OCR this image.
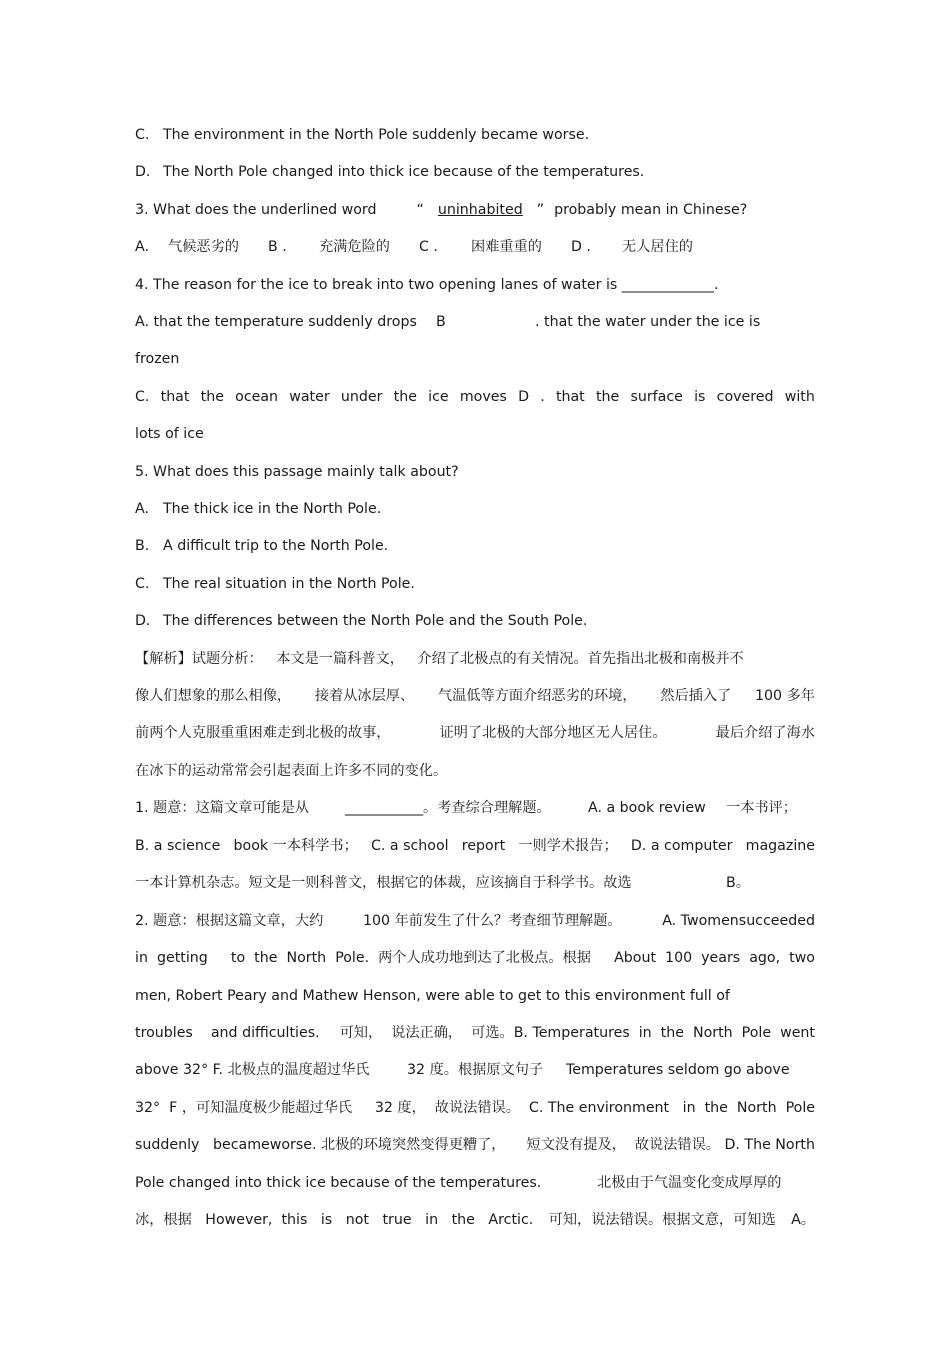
C. The environment in the North Pole suddenly became worse.
D. The North Pole changed into thick ice because of the temperatures.
3. What does the underlined word	“ uninhabited ” probably mean in Chinese?
A. 气候恶劣的 B . 充满危险的 C . 困难重重的 D . 无人居住的
4. The reason for the ice to break into two opening lanes of water is _____________.
A. that the temperature suddenly drops B	. that the water under the ice is
frozen
C. that the ocean water under the ice moves D . that the surface is covered with
lots of ice
5. What does this passage mainly talk about?
A. The thick ice in the North Pole.
B. A difficult trip to the North Pole.
C. The real situation in the North Pole.
D. The differences between the North Pole and the South Pole.
【解析】试题分析：   本文是一篇科普文，   介绍了北极点的有关情况。首先指出北极和南极并不
像人们想象的那么相像， 接着从冰层厚、 气温低等方面介绍恶劣的环境， 然后插入了 100 多年
前两个人克服重重困难走到北极的故事，	证明了北极的大部分地区无人居住。	最后介绍了海水
在冰下的运动常常会引起表面上许多不同的变化。
1. 题意：这篇文章可能是从	___________。考查综合理解题。	A. a book review 一本书评；
B. a science book 一本科学书； C. a school report 一则学术报告； D. a computer magazine
一本计算机杂志。短文是一则科普文，根据它的体裁，应该摘自于科学书。故选	B。
2. 题意：根据这篇文章，大约	100 年前发生了什么？考查细节理解题。	A. Twomensucceeded
in  getting to  the  North  Pole.  两个人成功地到达了北极点。根据 About  100  years  ago,  two
men, Robert Peary and Mathew Henson, were able to get to this environment full of
troubles    and difficulties. 可知，  说法正确，  可选。B. Temperatures  in  the  North  Pole  went
above 32° F. 北极点的温度超过华氏	32 度。根据原文句子 Temperatures seldom go above
32°  F ，可知温度极少能超过华氏 32 度，  故说法错误。  C. The environment   in  the  North  Pole
suddenly   becameworse. 北极的环境突然变得更糟了， 短文没有提及，  故说法错误。 D. The North
Pole changed into thick ice because of the temperatures.	北极由于气温变化变成厚厚的
冰，根据   However,  this   is   not   true   in   the   Arctic. 可知，说法错误。根据文意，可知选 A。
